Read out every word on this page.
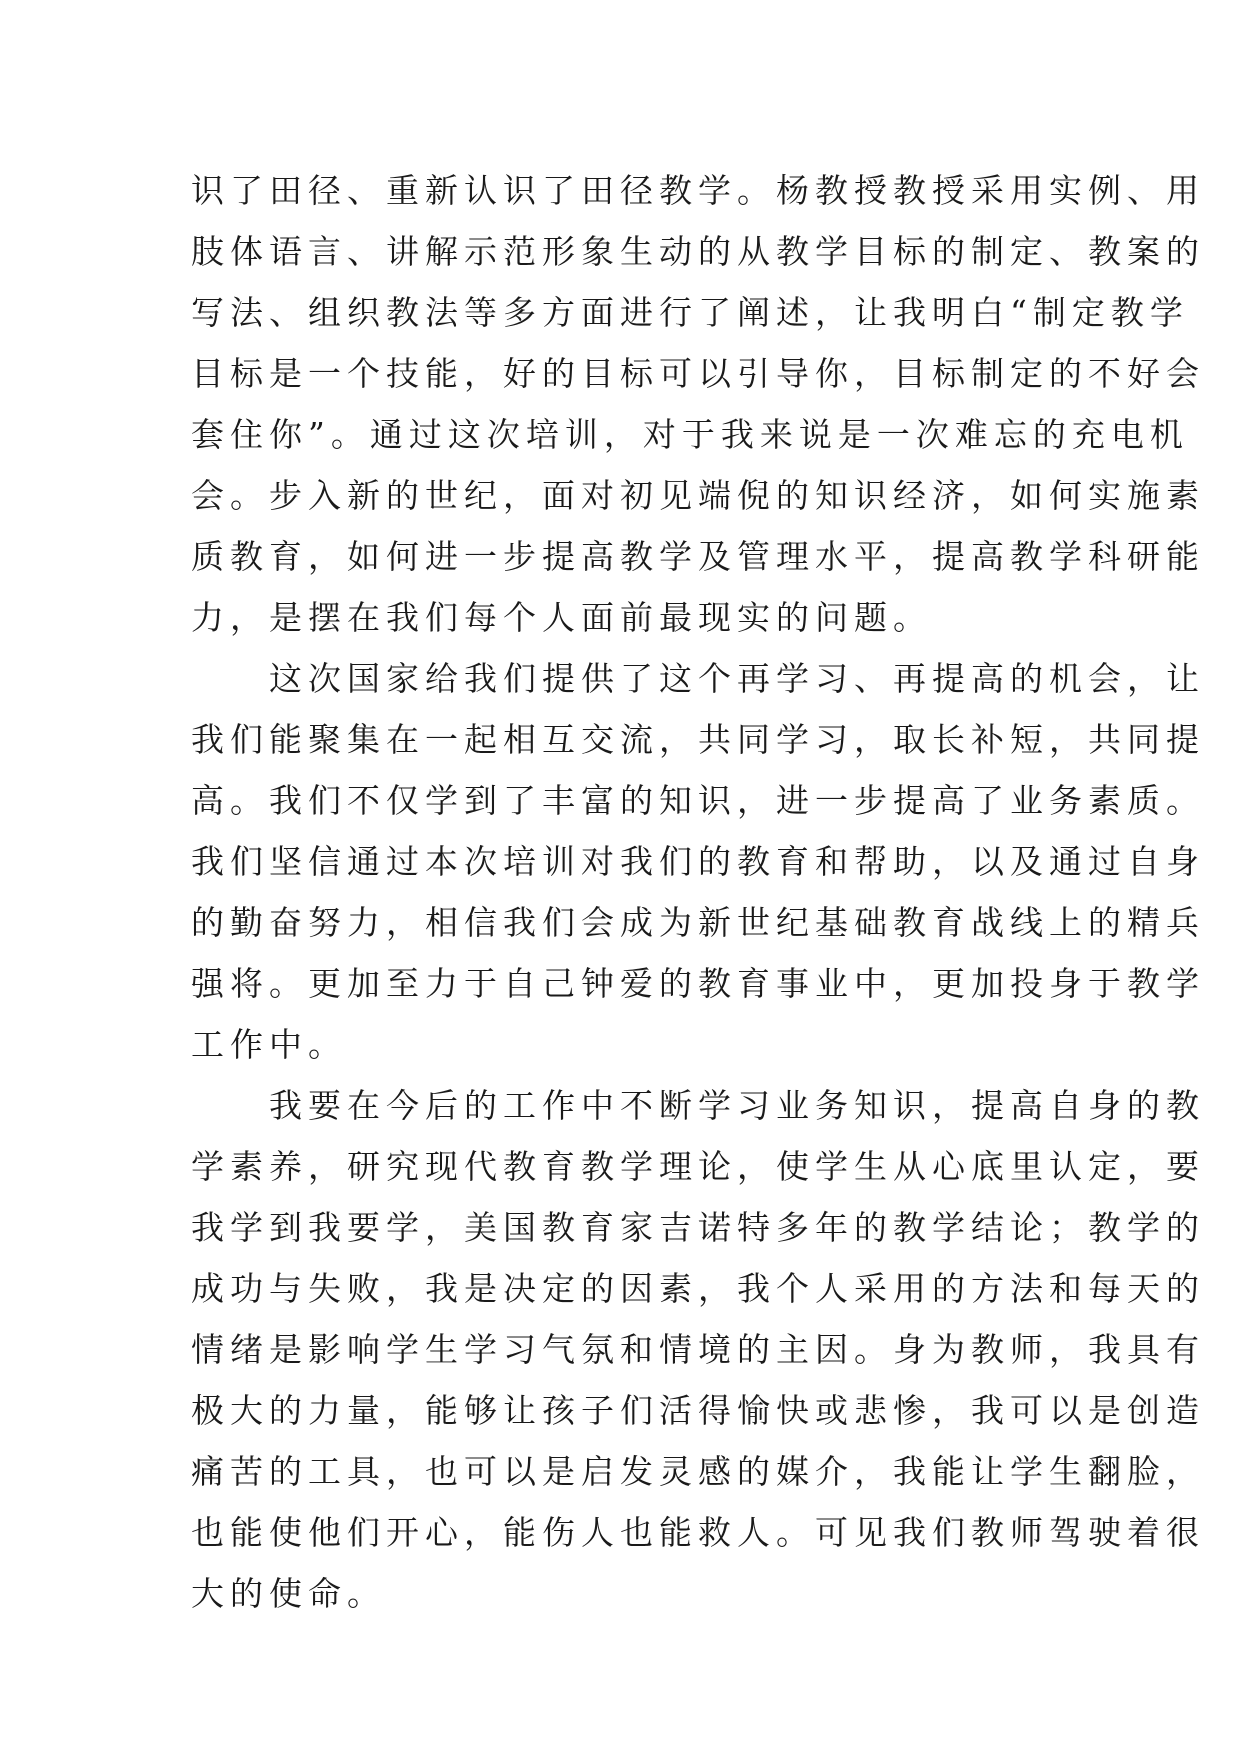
识了田径、重新认识了田径教学。杨教授教授采用实例、用
肢体语言、讲解示范形象生动的从教学目标的制定、教案的
写法、组织教法等多方面进行了阐述，让我明白“制定教学
目标是一个技能，好的目标可以引导你，目标制定的不好会
套住你”。通过这次培训，对于我来说是一次难忘的充电机
会。步入新的世纪，面对初见端倪的知识经济，如何实施素
质教育，如何进一步提高教学及管理水平，提高教学科研能
力，是摆在我们每个人面前最现实的问题。
　　这次国家给我们提供了这个再学习、再提高的机会，让
我们能聚集在一起相互交流，共同学习，取长补短，共同提
高。我们不仅学到了丰富的知识，进一步提高了业务素质。
我们坚信通过本次培训对我们的教育和帮助，以及通过自身
的勤奋努力，相信我们会成为新世纪基础教育战线上的精兵
强将。更加至力于自己钟爱的教育事业中，更加投身于教学
工作中。
　　我要在今后的工作中不断学习业务知识，提高自身的教
学素养，研究现代教育教学理论，使学生从心底里认定，要
我学到我要学，美国教育家吉诺特多年的教学结论；教学的
成功与失败，我是决定的因素，我个人采用的方法和每天的
情绪是影响学生学习气氛和情境的主因。身为教师，我具有
极大的力量，能够让孩子们活得愉快或悲惨，我可以是创造
痛苦的工具，也可以是启发灵感的媒介，我能让学生翻脸，
也能使他们开心，能伤人也能救人。可见我们教师驾驶着很
大的使命。
